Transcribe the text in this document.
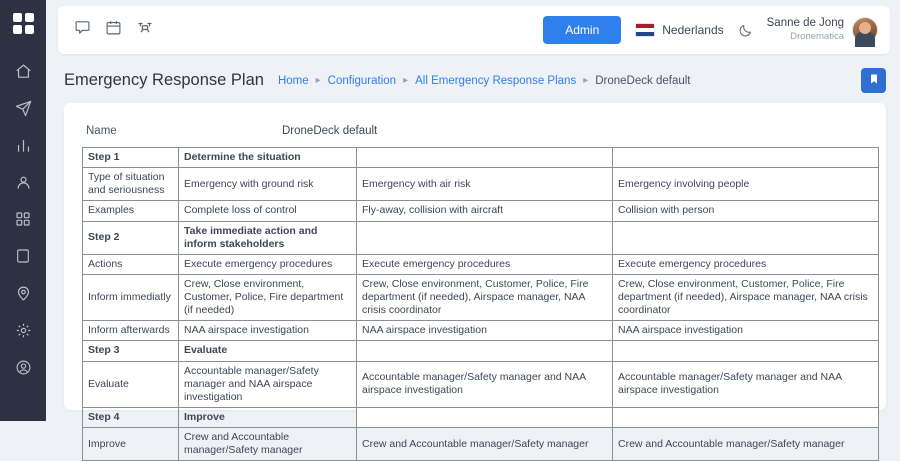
Admin	Nederlands	Sanne de Jong
Dronematica
Emergency Response Plan Home ▸ Configuration ▸ All Emergency Response Plans ▸ DroneDeck default
Name	DroneDeck default
Step 1	Determine the situation		
Type of situation and seriousness	Emergency with ground risk	Emergency with air risk	Emergency involving people
Examples	Complete loss of control	Fly-away, collision with aircraft	Collision with person
Step 2	Take immediate action and inform stakeholders		
Actions	Execute emergency procedures	Execute emergency procedures	Execute emergency procedures
Inform immediatly	Crew, Close environment, Customer, Police, Fire department (if needed)	Crew, Close environment, Customer, Police, Fire department (if needed), Airspace manager, NAA crisis coordinator	Crew, Close environment, Customer, Police, Fire department (if needed), Airspace manager, NAA crisis coordinator
Inform afterwards	NAA airspace investigation	NAA airspace investigation	NAA airspace investigation
Step 3	Evaluate		
Evaluate	Accountable manager/Safety manager and NAA airspace investigation	Accountable manager/Safety manager and NAA airspace investigation	Accountable manager/Safety manager and NAA airspace investigation
Step 4	Improve		
Improve	Crew and Accountable manager/Safety manager	Crew and Accountable manager/Safety manager	Crew and Accountable manager/Safety manager
